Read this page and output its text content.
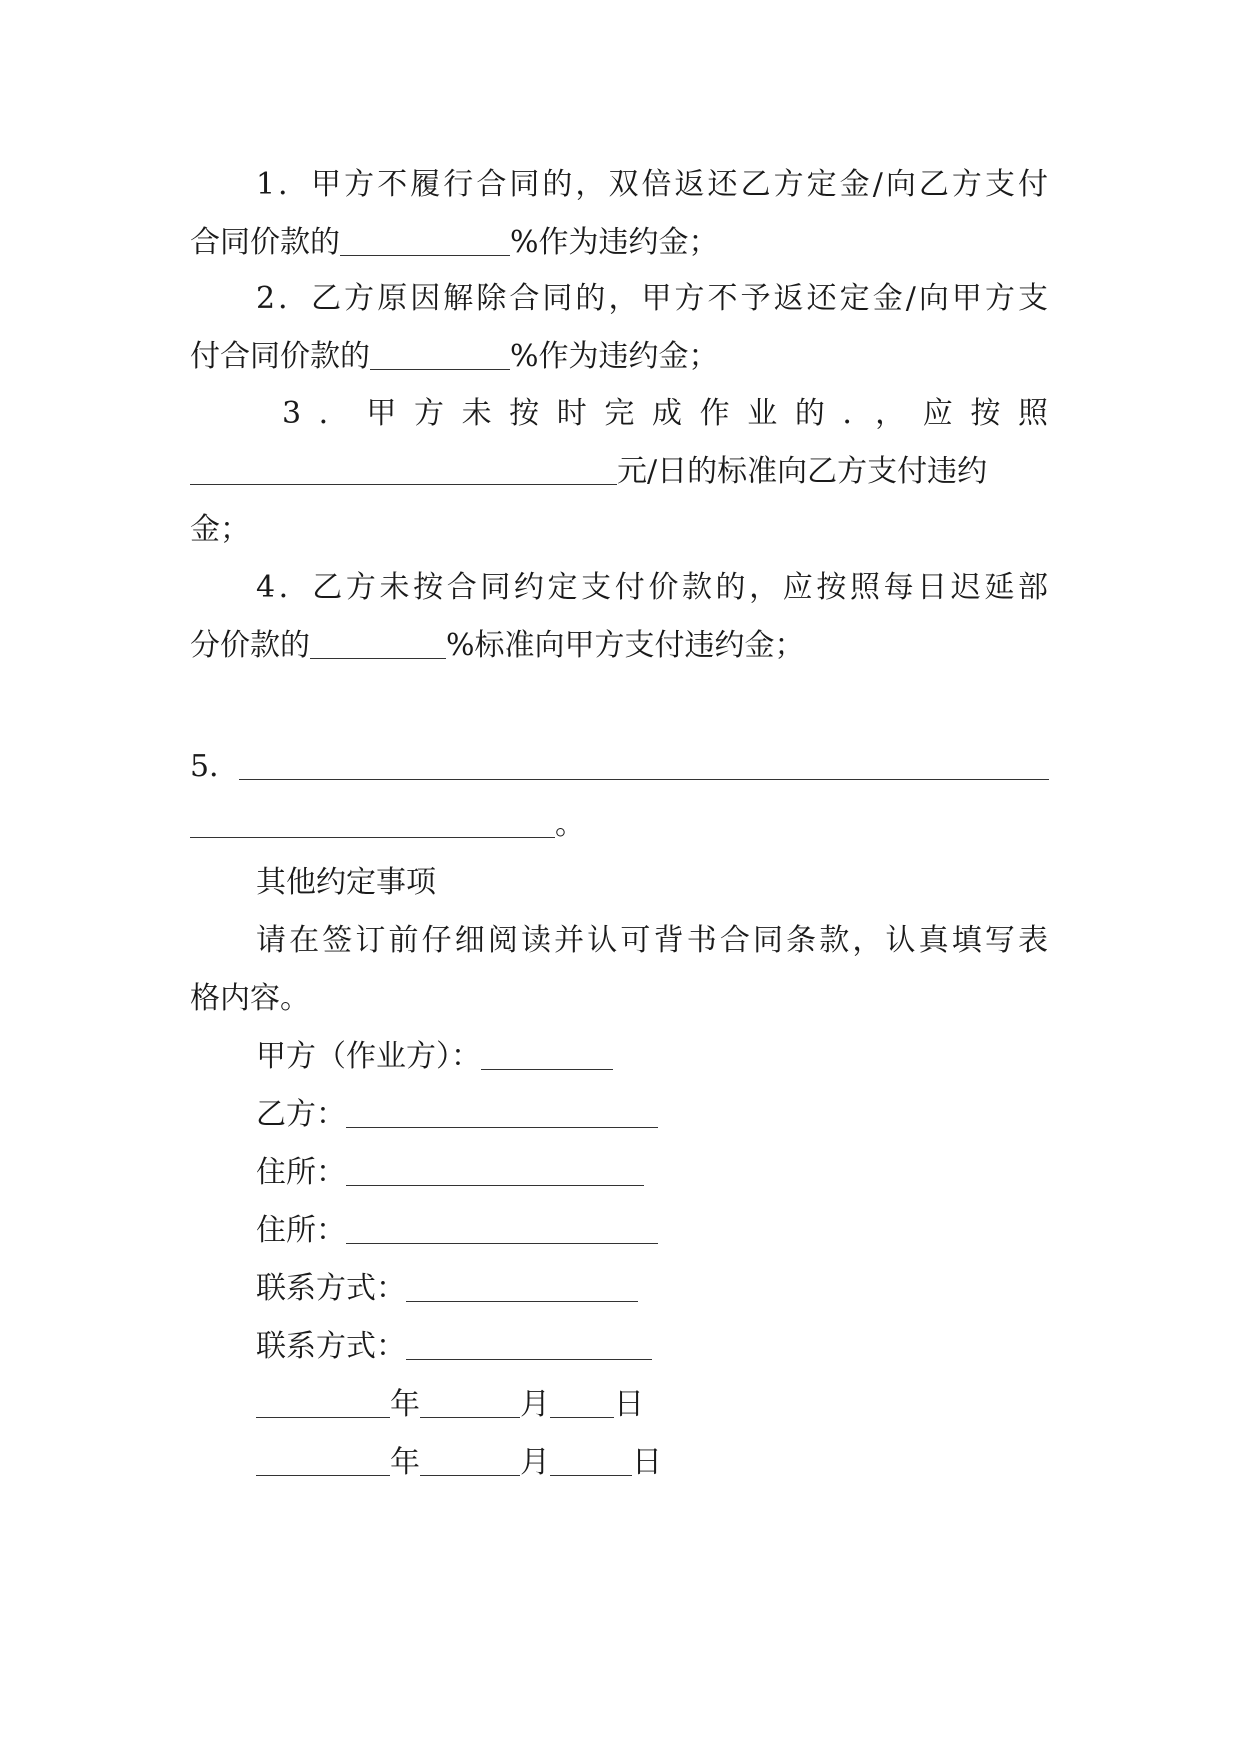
1．甲方不履行合同的，双倍返还乙方定金/向乙方支付

合同价款的	%作为违约金；

2．乙方原因解除合同的，甲方不予返还定金/向甲方支

付合同价款的	%作为违约金；

3．甲方未按时完成作业的．，应按照

元/日的标准向乙方支付违约

金；

4．乙方未按合同约定支付价款的，应按照每日迟延部

分价款的	%标准向甲方支付违约金；

5．

。

其他约定事项

请在签订前仔细阅读并认可背书合同条款，认真填写表

格内容。

甲方（作业方）：

乙方：

住所：

住所：

联系方式：

联系方式：

年	月 日

年	月	日
